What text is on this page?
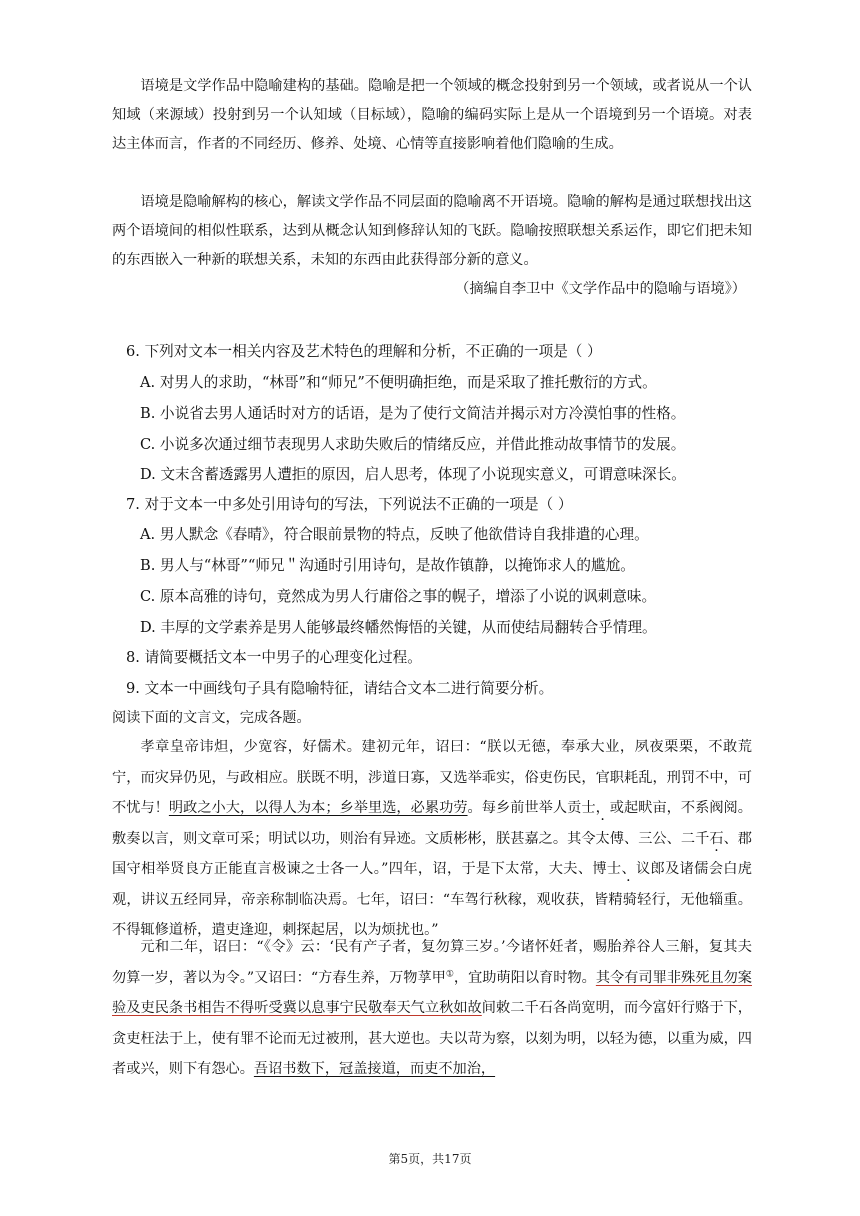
语境是文学作品中隐喻建构的基础。隐喻是把一个领域的概念投射到另一个领域，或者说从一个认知域（来源域）投射到另一个认知域（目标域），隐喻的编码实际上是从一个语境到另一个语境。对表达主体而言，作者的不同经历、修养、处境、心情等直接影响着他们隐喻的生成。

语境是隐喻解构的核心，解读文学作品不同层面的隐喻离不开语境。隐喻的解构是通过联想找出这两个语境间的相似性联系，达到从概念认知到修辞认知的飞跃。隐喻按照联想关系运作，即它们把未知的东西嵌入一种新的联想关系，未知的东西由此获得部分新的意义。

（摘编自李卫中《文学作品中的隐喻与语境》）

6. 下列对文本一相关内容及艺术特色的理解和分析，不正确的一项是（ ）

A. 对男人的求助，“林哥”和“师兄”不便明确拒绝，而是采取了推托敷衍的方式。

B. 小说省去男人通话时对方的话语，是为了使行文简洁并揭示对方冷漠怕事的性格。

C. 小说多次通过细节表现男人求助失败后的情绪反应，并借此推动故事情节的发展。

D. 文末含蓄透露男人遭拒的原因，启人思考，体现了小说现实意义，可谓意味深长。

7. 对于文本一中多处引用诗句的写法，下列说法不正确的一项是（ ）

A. 男人默念《春晴》，符合眼前景物的特点，反映了他欲借诗自我排遣的心理。

B. 男人与“林哥”“师兄＂沟通时引用诗句，是故作镇静，以掩饰求人的尴尬。

C. 原本高雅的诗句，竟然成为男人行庸俗之事的幌子，增添了小说的讽刺意味。

D. 丰厚的文学素养是男人能够最终幡然悔悟的关键，从而使结局翻转合乎情理。

8. 请简要概括文本一中男子的心理变化过程。

9. 文本一中画线句子具有隐喻特征，请结合文本二进行简要分析。

阅读下面的文言文，完成各题。

孝章皇帝讳炟，少宽容，好儒术。建初元年，诏曰：“朕以无德，奉承大业，夙夜栗栗，不敢荒宁，而灾异仍见，与政相应。朕既不明，涉道日寡，又选举乖实，俗吏伤民，官职耗乱，刑罚不中，可不忧与！明政之小大，以得人为本；乡举里选，必累功劳。每乡前世举人贡士，或起畎亩，不系阀阅。敷奏以言，则文章可采；明试以功，则治有异迹。文质彬彬，朕甚嘉之。其令太傅、三公、二千石、郡国守相举贤良方正能直言极谏之士各一人。”四年，诏，于是下太常，大夫、博士、议郎及诸儒会白虎观，讲议五经同异，帝亲称制临决焉。七年，诏曰：“车驾行秋稼，观收获，皆精骑轻行，无他辎重。不得辄修道桥，遣吏逢迎，刺探起居，以为烦扰也。”

元和二年，诏曰：“《令》云：‘民有产子者，复勿算三岁。’今诸怀妊者，赐胎养谷人三斛，复其夫勿算一岁，著以为令。”又诏曰：“方春生养，万物莩甲①，宜助萌阳以育时物。其令有司罪非殊死且勿案验及吏民条书相告不得听受冀以息事宁民敬奉天气立秋如故间敕二千石各尚宽明，而今富奸行赂于下，贪吏枉法于上，使有罪不论而无过被刑，甚大逆也。夫以苛为察，以刻为明，以轻为德，以重为威，四者或兴，则下有怨心。吾诏书数下，冠盖接道，而吏不加治，

第5页，共17页
